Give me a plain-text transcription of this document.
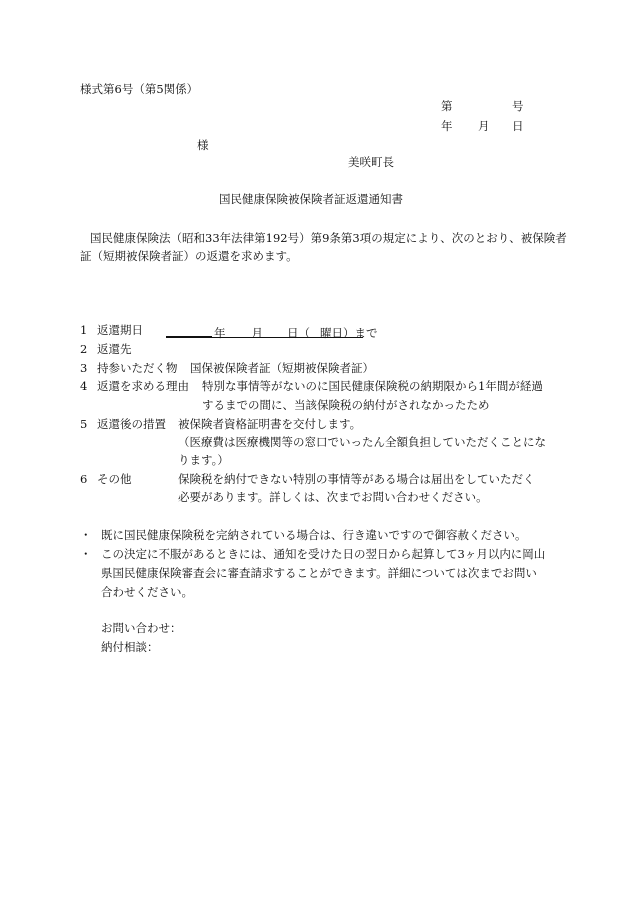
様式第6号（第5関係）
第	号
年 月 日
様
美咲町長
国民健康保険被保険者証返還通知書
国民健康保険法（昭和33年法律第192号）第9条第3項の規定により、次のとおり、被保険者
証（短期被保険者証）の返還を求めます。
1 返還期日	年 月 日（ 曜日）まで
2 返還先
3 持参いただく物 国保被保険者証（短期被保険者証）
4 返還を求める理由 特別な事情等がないのに国民健康保険税の納期限から1年間が経過
するまでの間に、当該保険税の納付がされなかったため
5 返還後の措置 被保険者資格証明書を交付します。
（医療費は医療機関等の窓口でいったん全額負担していただくことにな
ります。）
6 その他	保険税を納付できない特別の事情等がある場合は届出をしていただく
必要があります。詳しくは、次までお問い合わせください。
・ 既に国民健康保険税を完納されている場合は、行き違いですので御容赦ください。
・ この決定に不服があるときには、通知を受けた日の翌日から起算して3ヶ月以内に岡山
県国民健康保険審査会に審査請求することができます。詳細については次までお問い
合わせください。
お問い合わせ：
納付相談：
